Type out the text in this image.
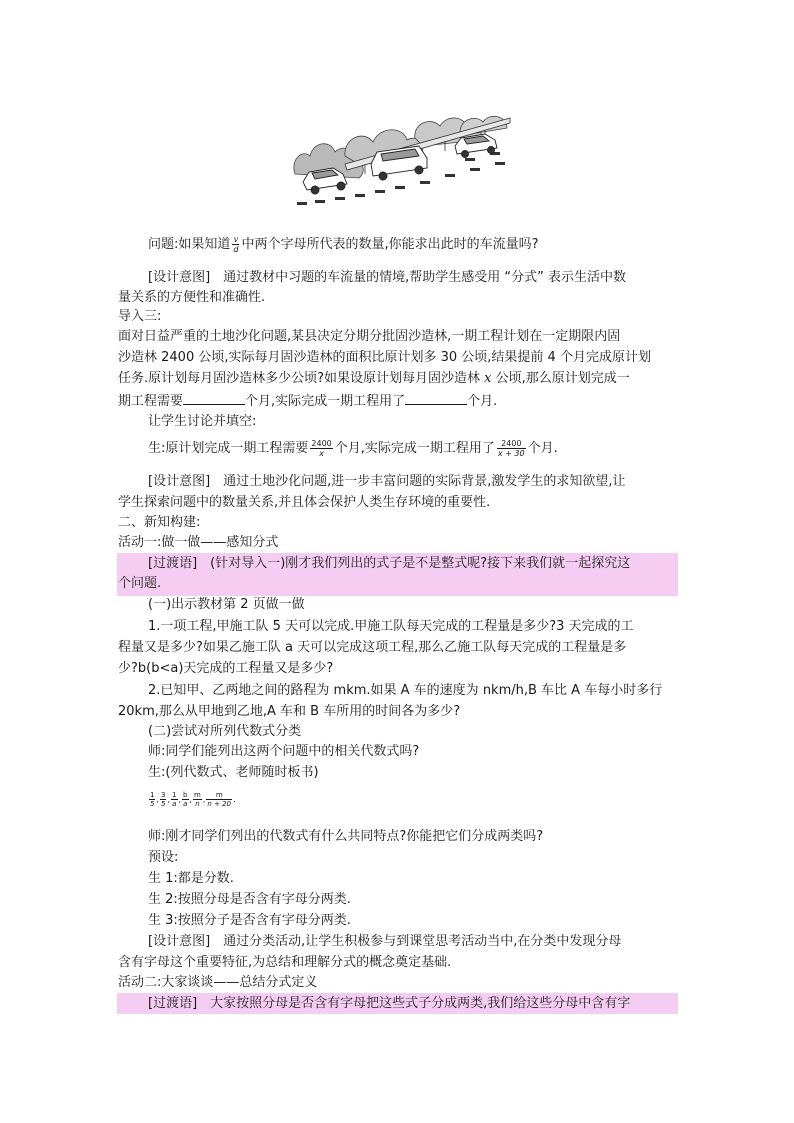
问题:如果知道 $\frac{v}{d}$ 中两个字母所代表的数量,你能求出此时的车流量吗?
[设计意图]　通过教材中习题的车流量的情境,帮助学生感受用 “分式” 表示生活中数
量关系的方便性和准确性.
导入三:
面对日益严重的土地沙化问题,某县决定分期分批固沙造林,一期工程计划在一定期限内固
沙造林 2400 公顷,实际每月固沙造林的面积比原计划多 30 公顷,结果提前 4 个月完成原计划
任务.原计划每月固沙造林多少公顷?如果设原计划每月固沙造林 x 公顷,那么原计划完成一
期工程需要	个月,实际完成一期工程用了	个月.
让学生讨论并填空:
生:原计划完成一期工程需要 $\frac{2400}{x}$ 个月,实际完成一期工程用了 $\frac{2400}{x + 30}$ 个月.
[设计意图]　通过土地沙化问题,进一步丰富问题的实际背景,激发学生的求知欲望,让
学生探索问题中的数量关系,并且体会保护人类生存环境的重要性.
二、新知构建:
活动一:做一做——感知分式
[过渡语]　(针对导入一)刚才我们列出的式子是不是整式呢?接下来我们就一起探究这
个问题.
(一)出示教材第 2 页做一做
1.一项工程,甲施工队 5 天可以完成.甲施工队每天完成的工程量是多少?3 天完成的工
程量又是多少?如果乙施工队 a 天可以完成这项工程,那么乙施工队每天完成的工程量是多
少?b(b<a)天完成的工程量又是多少?
2.已知甲、乙两地之间的路程为 mkm.如果 A 车的速度为 nkm/h,B 车比 A 车每小时多行
20km,那么从甲地到乙地,A 车和 B 车所用的时间各为多少?
(二)尝试对所列代数式分类
师:同学们能列出这两个问题中的相关代数式吗?
生:(列代数式、老师随时板书)
$\frac{1}{5}$ , $\frac{3}{5}$ , $\frac{1}{a}$ , $\frac{b}{a}$ , $\frac{m}{n}$ , $\frac{m}{n + 20}$ .
师:刚才同学们列出的代数式有什么共同特点?你能把它们分成两类吗?
预设:
生 1:都是分数.
生 2:按照分母是否含有字母分两类.
生 3:按照分子是否含有字母分两类.
[设计意图]　通过分类活动,让学生积极参与到课堂思考活动当中,在分类中发现分母
含有字母这个重要特征,为总结和理解分式的概念奠定基础.
活动二:大家谈谈——总结分式定义
[过渡语]　大家按照分母是否含有字母把这些式子分成两类,我们给这些分母中含有字
